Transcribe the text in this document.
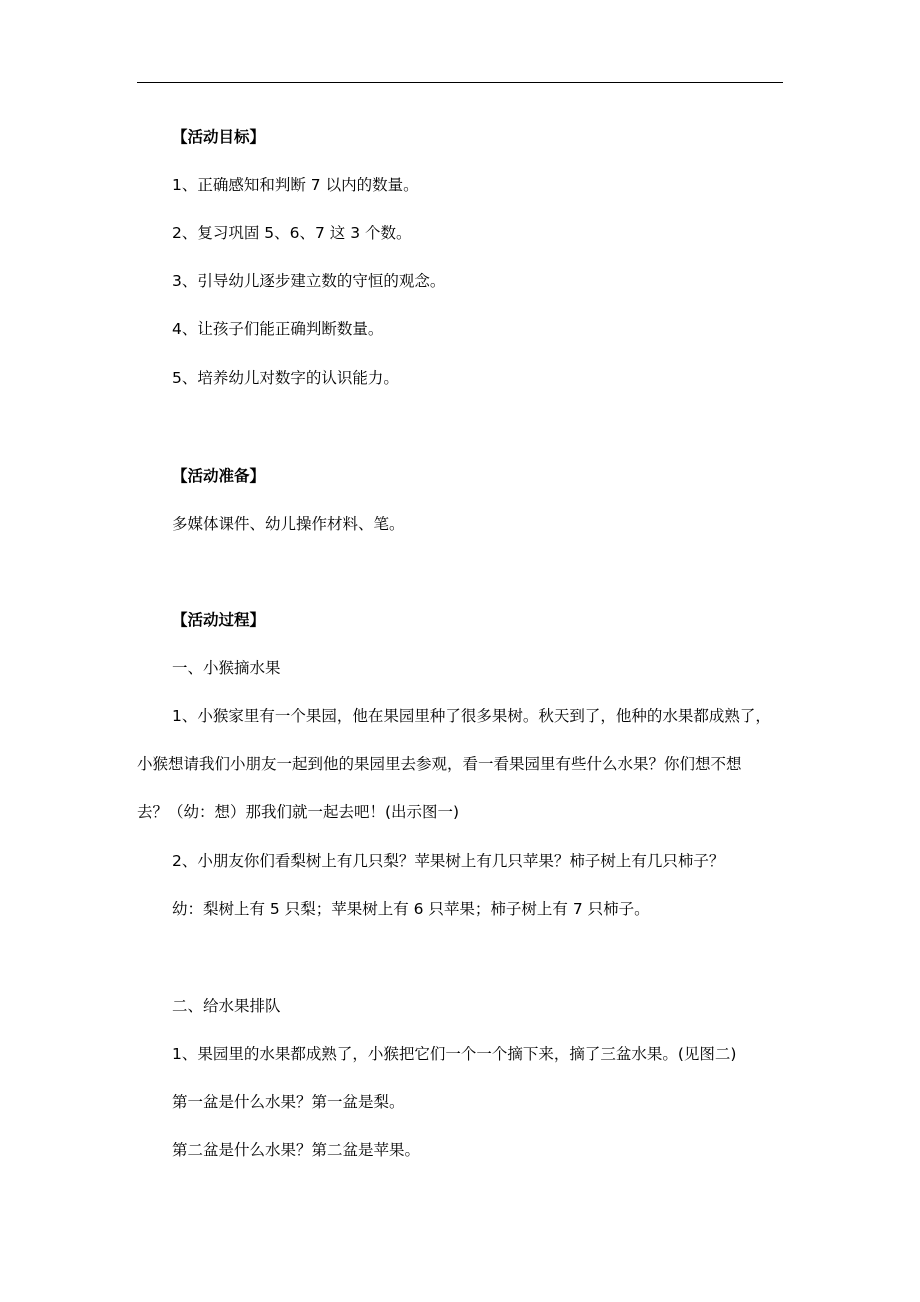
【活动目标】
1、正确感知和判断 7 以内的数量。
2、复习巩固 5、6、7 这 3 个数。
3、引导幼儿逐步建立数的守恒的观念。
4、让孩子们能正确判断数量。
5、培养幼儿对数字的认识能力。
【活动准备】
多媒体课件、幼儿操作材料、笔。
【活动过程】
一、小猴摘水果
1、小猴家里有一个果园，他在果园里种了很多果树。秋天到了，他种的水果都成熟了，
小猴想请我们小朋友一起到他的果园里去参观，看一看果园里有些什么水果？你们想不想
去？（幼：想）那我们就一起去吧！(出示图一)
2、小朋友你们看梨树上有几只梨？苹果树上有几只苹果？柿子树上有几只柿子？
幼：梨树上有 5 只梨；苹果树上有 6 只苹果；柿子树上有 7 只柿子。
二、给水果排队
1、果园里的水果都成熟了，小猴把它们一个一个摘下来，摘了三盆水果。(见图二)
第一盆是什么水果？第一盆是梨。
第二盆是什么水果？第二盆是苹果。
